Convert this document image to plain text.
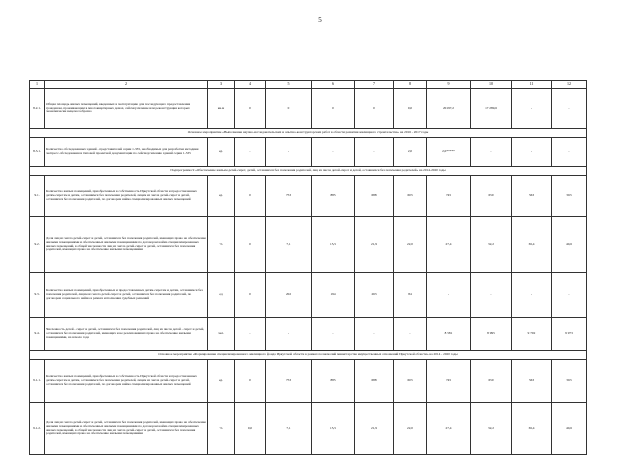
5
1	2	3	4	5	6	7	8	9	10	11	12
8.2.1.	Общая площадь жилых помещений, введенных в эксплуатацию для последующего предоставления гражданам, проживающим в многоквартирных домах, сейсмоусиление или реконструкция которых экономически нецелесообразно	кв.м	0	0	0	0	0,0	20197,2	17 289,6	-	-
Основное мероприятие «Выполнение научно-исследовательских и опытно-конструкторских работ в области развития жилищного строительства» на 2016 - 2017 годы											
8.3.1.	Количество обследованных зданий - представителей серии 1-335, необходимых для разработки методики экспресс-обследования и типовой проектной документации по сейсмоусилению зданий серии 1-335	ед.	-	-	-	-	2,0	2,0*****	-	-	-
Подпрограмма 9 «Обеспечение жильем детей-сирот, детей, оставшихся без попечения родителей, лиц из числа детей-сирот и детей, оставшихся без попечения родителей» на 2014-2020 годы											
9.1.	Количество жилых помещений, приобретенных в собственность Иркутской области и предоставленных детям-сиротам и детям, оставшимся без попечения родителей, лицам из числа детей-сирот и детей, оставшихся без попечения родителей, по договорам найма специализированных жилых помещений	ед.	0	753	885	688	603	745	650	563	563
9.2.	Доля лиц из числа детей-сирот и детей, оставшихся без попечения родителей, имеющих право на обеспечение жилыми помещениями и обеспеченных жилыми помещениями по договорам найма специализированных жилых помещений, в общей численности лиц из числа детей-сирот и детей, оставшихся без попечения родителей, имеющих право на обеспечение жилыми помещениями	%	0	7,1	15,5	21,9	22,0	27,4	32,2	36,4	40,6
9.3.	Количество жилых помещений, приобретенных и предоставленных детям-сиротам и детям, оставшимся без попечения родителей, лицам из числа детей-сирот и детей, оставшихся без попечения родителей, по договорам социального найма в рамках исполнения судебных решений	ед	0	202	194	263	84	-	-	-	-
9.4.	Численность детей - сирот и детей, оставшихся без попечения родителей, лиц из числа детей - сирот и детей, оставшихся без попечения родителей, имеющих и не реализовавших право на обеспечение жилыми помещениями, на начало года	чел.	-	-	-	-	-	8 581	8 995	9 702	9 973
Основное мероприятие «Формирование специализированного жилищного фонда Иркутской области в рамках полномочий министерства имущественных отношений Иркутской области» на 2014 - 2020 годы											
9.1.1.	Количество жилых помещений, приобретенных в собственность Иркутской области и предоставленных детям-сиротам и детям, оставшимся без попечения родителей, лицам из числа детей-сирот и детей, оставшихся без попечения родителей, по договорам найма специализированных жилых помещений	ед.	0	753	885	688	603	745	650	563	563
9.1.2.	Доля лиц из числа детей-сирот и детей, оставшихся без попечения родителей, имеющих право на обеспечение жилыми помещениями и обеспеченных жилыми помещениями по договорам найма специализированных жилых помещений, в общей численности лиц из числа детей-сирот и детей, оставшихся без попечения родителей, имеющих право на обеспечение жилыми помещениями	%	0,0	7,1	15,5	21,9	22,0	27,4	32,2	36,4	40,6
